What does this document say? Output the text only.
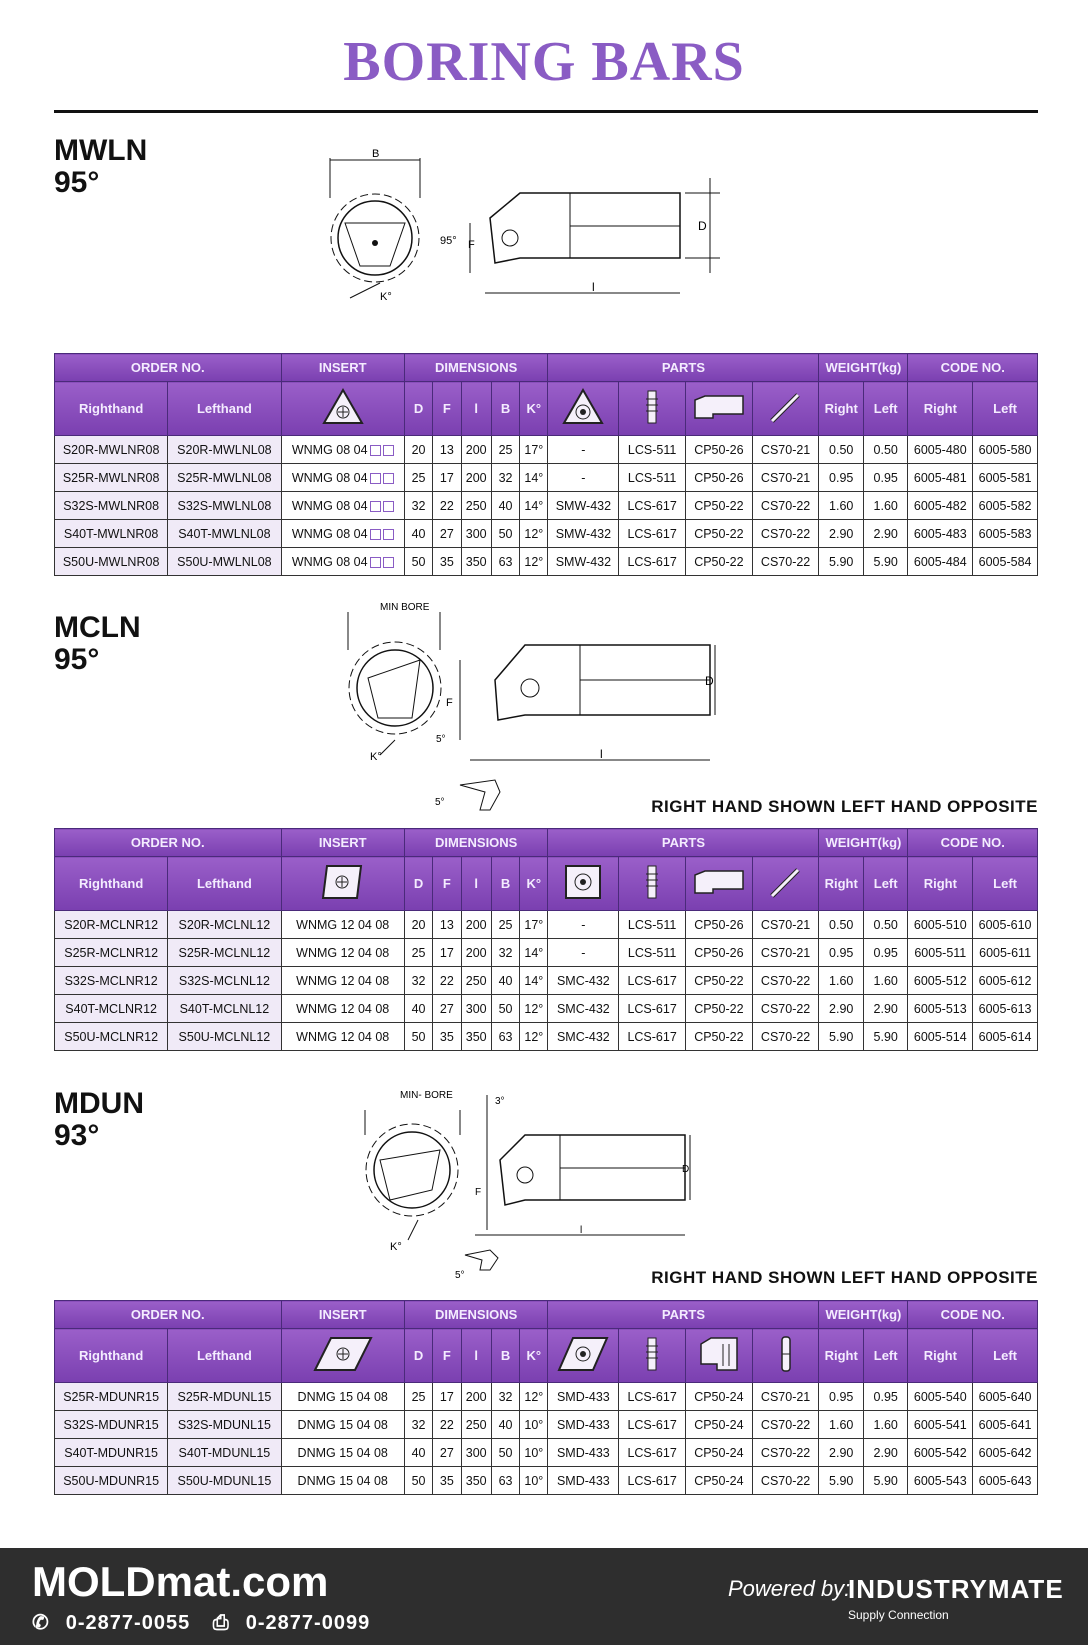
BORING BARS
MWLN
95°
B
K°
D
l
95° F
ORDER NO.		INSERT	DIMENSIONS					PARTS				WEIGHT(kg)		CODE NO.	
Righthand	Lefthand		D	F	l	B	K°					Right	Left	Right	Left
S20R-MWLNR08	S20R-MWLNL08	WNMG 08 04	20	13	200	25	17°	-	LCS-511	CP50-26	CS70-21	0.50	0.50	6005-480	6005-580
S25R-MWLNR08	S25R-MWLNL08	WNMG 08 04	25	17	200	32	14°	-	LCS-511	CP50-26	CS70-21	0.95	0.95	6005-481	6005-581
S32S-MWLNR08	S32S-MWLNL08	WNMG 08 04	32	22	250	40	14°	SMW-432	LCS-617	CP50-22	CS70-22	1.60	1.60	6005-482	6005-582
S40T-MWLNR08	S40T-MWLNL08	WNMG 08 04	40	27	300	50	12°	SMW-432	LCS-617	CP50-22	CS70-22	2.90	2.90	6005-483	6005-583
S50U-MWLNR08	S50U-MWLNL08	WNMG 08 04	50	35	350	63	12°	SMW-432	LCS-617	CP50-22	CS70-22	5.90	5.90	6005-484	6005-584
MCLN
95°
MIN BORE
K°
D
l
F
5°
5°	RIGHT HAND SHOWN LEFT HAND OPPOSITE
ORDER NO.		INSERT	DIMENSIONS					PARTS				WEIGHT(kg)		CODE NO.	
Righthand	Lefthand		D	F	l	B	K°					Right	Left	Right	Left
S20R-MCLNR12	S20R-MCLNL12	WNMG 12 04 08	20	13	200	25	17°	-	LCS-511	CP50-26	CS70-21	0.50	0.50	6005-510	6005-610
S25R-MCLNR12	S25R-MCLNL12	WNMG 12 04 08	25	17	200	32	14°	-	LCS-511	CP50-26	CS70-21	0.95	0.95	6005-511	6005-611
S32S-MCLNR12	S32S-MCLNL12	WNMG 12 04 08	32	22	250	40	14°	SMC-432	LCS-617	CP50-22	CS70-22	1.60	1.60	6005-512	6005-612
S40T-MCLNR12	S40T-MCLNL12	WNMG 12 04 08	40	27	300	50	12°	SMC-432	LCS-617	CP50-22	CS70-22	2.90	2.90	6005-513	6005-613
S50U-MCLNR12	S50U-MCLNL12	WNMG 12 04 08	50	35	350	63	12°	SMC-432	LCS-617	CP50-22	CS70-22	5.90	5.90	6005-514	6005-614
MDUN
93°
MIN- BORE
K°
3°
D
l
F
5°	RIGHT HAND SHOWN LEFT HAND OPPOSITE
ORDER NO.		INSERT	DIMENSIONS					PARTS				WEIGHT(kg)		CODE NO.	
Righthand	Lefthand		D	F	l	B	K°					Right	Left	Right	Left
S25R-MDUNR15	S25R-MDUNL15	DNMG 15 04 08	25	17	200	32	12°	SMD-433	LCS-617	CP50-24	CS70-21	0.95	0.95	6005-540	6005-640
S32S-MDUNR15	S32S-MDUNL15	DNMG 15 04 08	32	22	250	40	10°	SMD-433	LCS-617	CP50-24	CS70-22	1.60	1.60	6005-541	6005-641
S40T-MDUNR15	S40T-MDUNL15	DNMG 15 04 08	40	27	300	50	10°	SMD-433	LCS-617	CP50-24	CS70-22	2.90	2.90	6005-542	6005-642
S50U-MDUNR15	S50U-MDUNL15	DNMG 15 04 08	50	35	350	63	10°	SMD-433	LCS-617	CP50-24	CS70-22	5.90	5.90	6005-543	6005-643
MOLDmat.com
✆ 0-2877-0055 ⎙ 0-2877-0099
Powered by:
INDUSTRYMATE
Supply Connection
